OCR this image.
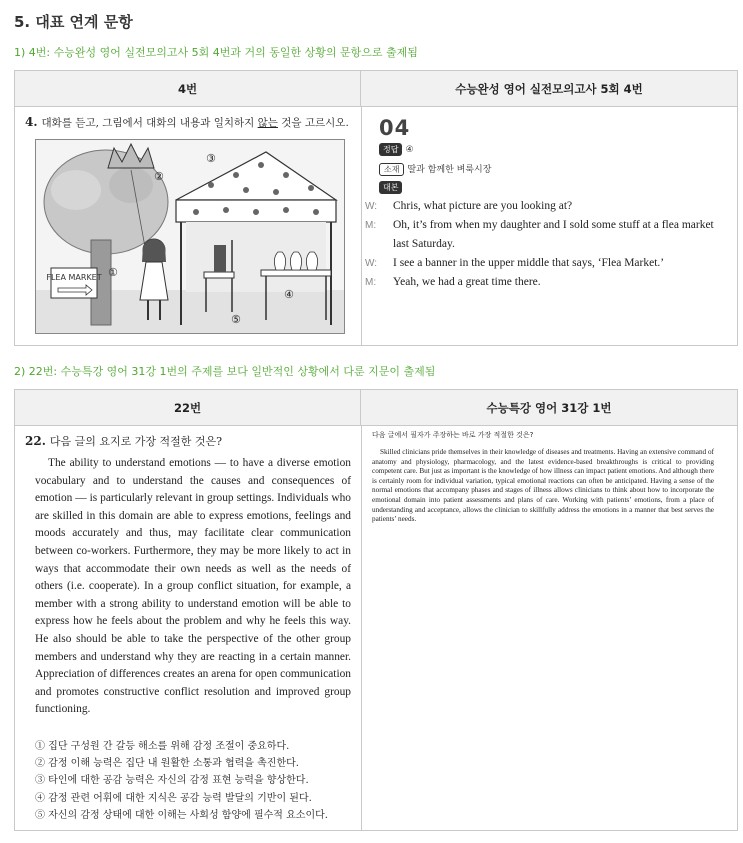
5. 대표 연계 문항
1) 4번: 수능완성 영어 실전모의고사 5회 4번과 거의 동일한 상황의 문항으로 출제됨
4번	수능완성 영어 실전모의고사 5회 4번
4. 대화를 듣고, 그림에서 대화의 내용과 일치하지 않는 것을 고르시오.
FLEA MARKET ①
②
③
④
⑤
04
정답 ④
소재 딸과 함께한 벼룩시장
대본
W: Chris, what picture are you looking at?
M: Oh, it’s from when my daughter and I sold some stuff at a flea market last Saturday.
W: I see a banner in the upper middle that says, ‘Flea Market.’
M: Yeah, we had a great time there.
2) 22번: 수능특강 영어 31강 1번의 주제를 보다 일반적인 상황에서 다룬 지문이 출제됨
22번	수능특강 영어 31강 1번
22. 다음 글의 요지로 가장 적절한 것은?

The ability to understand emotions — to have a diverse emotion vocabulary and to understand the causes and consequences of emotion — is particularly relevant in group settings. Individuals who are skilled in this domain are able to express emotions, feelings and moods accurately and thus, may facilitate clear communication between co-workers. Furthermore, they may be more likely to act in ways that accommodate their own needs as well as the needs of others (i.e. cooperate). In a group conflict situation, for example, a member with a strong ability to understand emotion will be able to express how he feels about the problem and why he feels this way. He also should be able to take the perspective of the other group members and understand why they are reacting in a certain manner. Appreciation of differences creates an arena for open communication and promotes constructive conflict resolution and improved group functioning.

① 집단 구성원 간 갈등 해소를 위해 감정 조절이 중요하다.
② 감정 이해 능력은 집단 내 원활한 소통과 협력을 촉진한다.
③ 타인에 대한 공감 능력은 자신의 감정 표현 능력을 향상한다.
④ 감정 관련 어휘에 대한 지식은 공감 능력 발달의 기반이 된다.
⑤ 자신의 감정 상태에 대한 이해는 사회성 함양에 필수적 요소이다.
다음 글에서 필자가 주장하는 바로 가장 적절한 것은?

Skilled clinicians pride themselves in their knowledge of diseases and treatments. Having an extensive command of anatomy and physiology, pharmacology, and the latest evidence-based breakthroughs is critical to providing competent care. But just as important is the knowledge of how illness can impact patient emotions. And although there is certainly room for individual variation, typical emotional reactions can often be anticipated. Having a sense of the normal emotions that accompany phases and stages of illness allows clinicians to think about how to incorporate the emotional domain into patient assessments and plans of care. Working with patients’ emotions, from a place of understanding and acceptance, allows the clinician to skillfully address the emotions in a manner that best serves the patients’ needs.
